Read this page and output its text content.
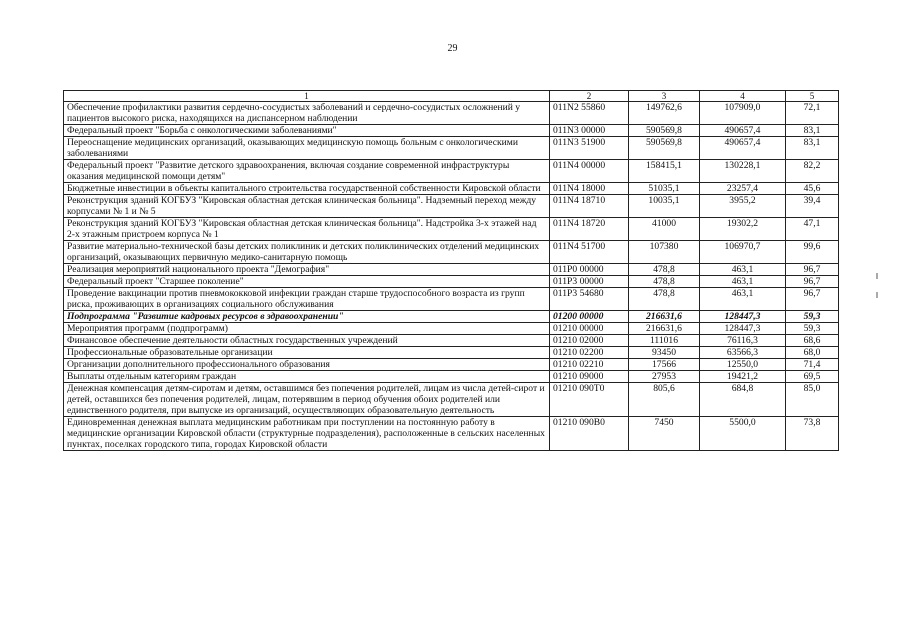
29
1	2	3	4	5
Обеспечение профилактики развития сердечно-сосудистых заболеваний и сердечно-сосудистых осложнений у пациентов высокого риска, находящихся на диспансерном наблюдении	011N2 55860	149762,6	107909,0	72,1
Федеральный проект "Борьба с онкологическими заболеваниями"	011N3 00000	590569,8	490657,4	83,1
Переоснащение медицинских организаций, оказывающих медицинскую помощь больным с онкологическими заболеваниями	011N3 51900	590569,8	490657,4	83,1
Федеральный проект "Развитие детского здравоохранения, включая создание современной инфраструктуры оказания медицинской помощи детям"	011N4 00000	158415,1	130228,1	82,2
Бюджетные инвестиции в объекты капитального строительства государственной собственности Кировской области	011N4 18000	51035,1	23257,4	45,6
Реконструкция зданий КОГБУЗ "Кировская областная детская клиническая больница". Надземный переход между корпусами № 1 и № 5	011N4 18710	10035,1	3955,2	39,4
Реконструкция зданий КОГБУЗ "Кировская областная детская клиническая больница". Надстройка 3-х этажей над 2-х этажным пристроем корпуса № 1	011N4 18720	41000	19302,2	47,1
Развитие материально-технической базы детских поликлиник и детских поликлинических отделений медицинских организаций, оказывающих первичную медико-санитарную помощь	011N4 51700	107380	106970,7	99,6
Реализация мероприятий национального проекта "Демография"	011P0 00000	478,8	463,1	96,7
Федеральный проект "Старшее поколение"	011P3 00000	478,8	463,1	96,7
Проведение вакцинации против пневмококковой инфекции граждан старше трудоспособного возраста из групп риска, проживающих в организациях социального обслуживания	011P3 54680	478,8	463,1	96,7
Подпрограмма "Развитие кадровых ресурсов в здравоохранении"	01200 00000	216631,6	128447,3	59,3
Мероприятия программ (подпрограмм)	01210 00000	216631,6	128447,3	59,3
Финансовое обеспечение деятельности областных государственных учреждений	01210 02000	111016	76116,3	68,6
Профессиональные образовательные организации	01210 02200	93450	63566,3	68,0
Организации дополнительного профессионального образования	01210 02210	17566	12550,0	71,4
Выплаты отдельным категориям граждан	01210 09000	27953	19421,2	69,5
Денежная компенсация детям-сиротам и детям, оставшимся без попечения родителей, лицам из числа детей-сирот и детей, оставшихся без попечения родителей, лицам, потерявшим в период обучения обоих родителей или единственного родителя, при выпуске из организаций, осуществляющих образовательную деятельность	01210 090Т0	805,6	684,8	85,0
Единовременная денежная выплата медицинским работникам при поступлении на постоянную работу в медицинские организации Кировской области (структурные подразделения), расположенные в сельских населенных пунктах, поселках городского типа, городах Кировской области	01210 090В0	7450	5500,0	73,8
